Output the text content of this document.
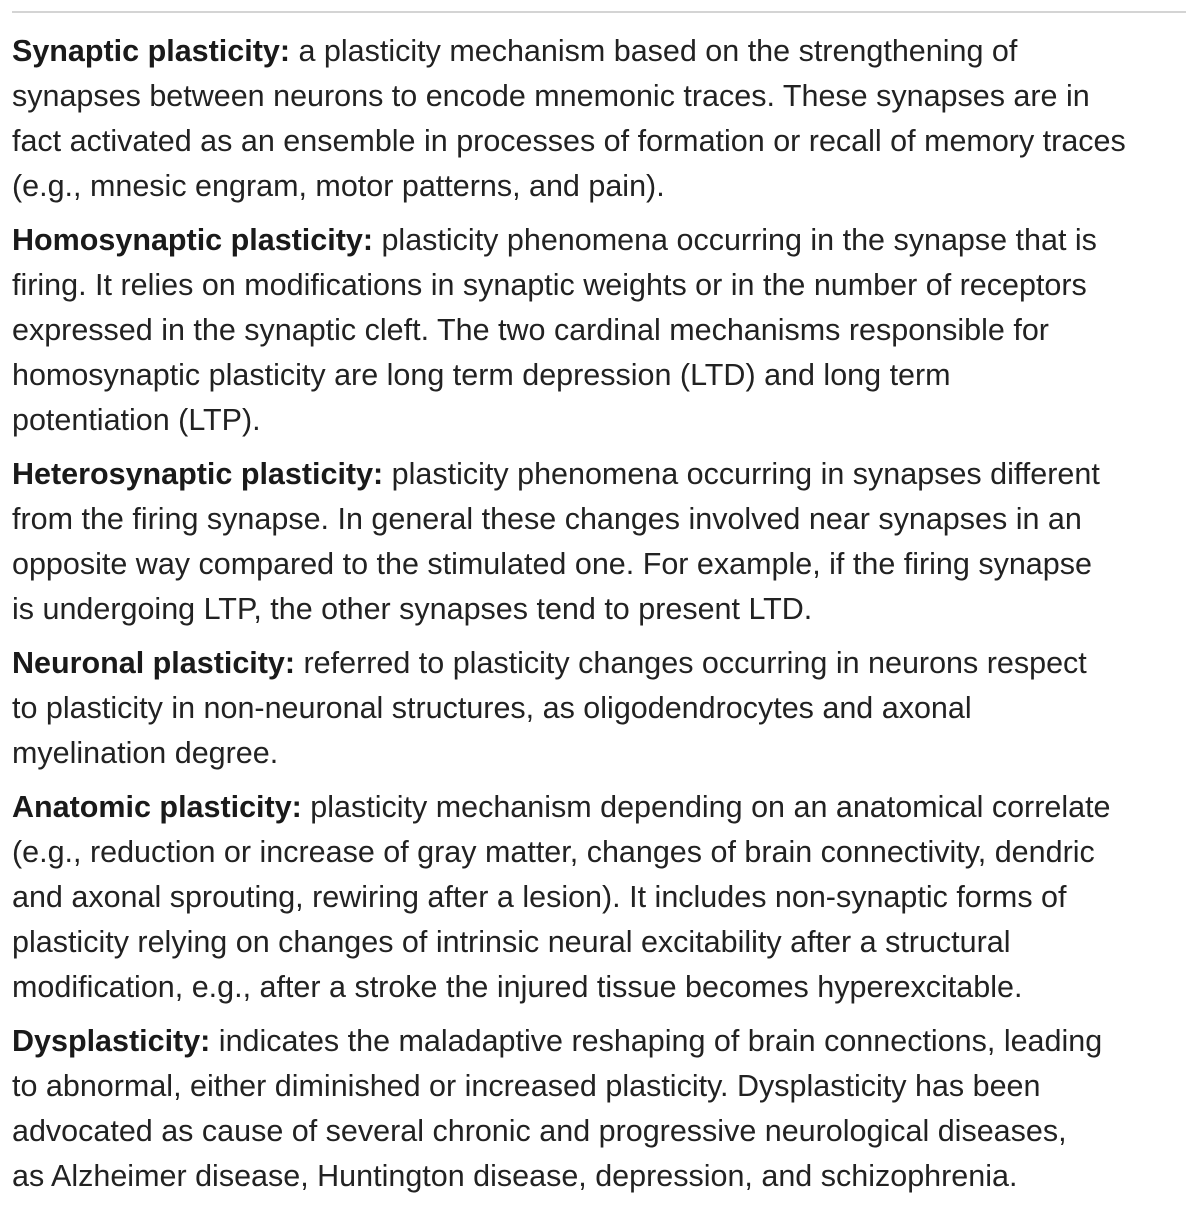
Synaptic plasticity: a plasticity mechanism based on the strengthening of
synapses between neurons to encode mnemonic traces. These synapses are in
fact activated as an ensemble in processes of formation or recall of memory traces
(e.g., mnesic engram, motor patterns, and pain).
Homosynaptic plasticity: plasticity phenomena occurring in the synapse that is
firing. It relies on modifications in synaptic weights or in the number of receptors
expressed in the synaptic cleft. The two cardinal mechanisms responsible for
homosynaptic plasticity are long term depression (LTD) and long term
potentiation (LTP).
Heterosynaptic plasticity: plasticity phenomena occurring in synapses different
from the firing synapse. In general these changes involved near synapses in an
opposite way compared to the stimulated one. For example, if the firing synapse
is undergoing LTP, the other synapses tend to present LTD.
Neuronal plasticity: referred to plasticity changes occurring in neurons respect
to plasticity in non-neuronal structures, as oligodendrocytes and axonal
myelination degree.
Anatomic plasticity: plasticity mechanism depending on an anatomical correlate
(e.g., reduction or increase of gray matter, changes of brain connectivity, dendric
and axonal sprouting, rewiring after a lesion). It includes non-synaptic forms of
plasticity relying on changes of intrinsic neural excitability after a structural
modification, e.g., after a stroke the injured tissue becomes hyperexcitable.
Dysplasticity: indicates the maladaptive reshaping of brain connections, leading
to abnormal, either diminished or increased plasticity. Dysplasticity has been
advocated as cause of several chronic and progressive neurological diseases,
as Alzheimer disease, Huntington disease, depression, and schizophrenia.
